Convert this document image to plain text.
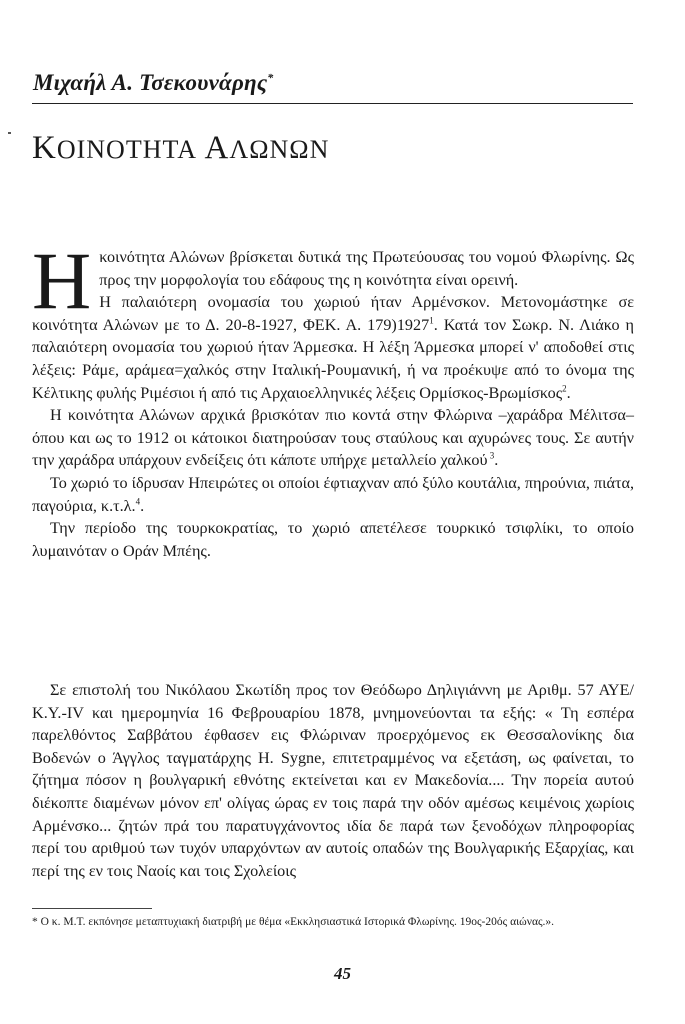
Μιχαήλ Α. Τσεκουνάρης*
ΚΟΙΝΟΤΗΤΑ ΑΛΩΝΩΝ

Ηκοινότητα Αλώνων βρίσκεται δυτικά της Πρωτεύουσας του νομού Φλωρίνης. Ως προς την μορφολογία του εδάφους της η κοινότητα είναι ορεινή.
Η παλαιότερη ονομασία του χωριού ήταν Αρμένσκον. Μετονομάστηκε σε κοινότητα Αλώνων με το Δ. 20-8-1927, ΦΕΚ. Α. 179)1927$^1$. Κατά τον Σωκρ. Ν. Λιάκο η παλαιότερη ονομασία του χωριού ήταν Άρμεσκα. Η λέξη Άρμεσκα μπορεί ν' αποδοθεί στις λέξεις: Ράμε, αράμεα=χαλκός στην Ιταλική-Ρουμανική, ή να προέκυψε από το όνομα της Κέλτικης φυλής Ριμέσιοι ή από τις Αρχαιοελληνικές λέξεις Ορμίσκος-Βρωμίσκος$^2$.

Η κοινότητα Αλώνων αρχικά βρισκόταν πιο κοντά στην Φλώρινα –χαράδρα Μέλιτσα– όπου και ως το 1912 οι κάτοικοι διατηρούσαν τους σταύλους και αχυρώνες τους. Σε αυτήν την χαράδρα υπάρχουν ενδείξεις ότι κάποτε υπήρχε μεταλλείο χαλκού $^3$.

Το χωριό το ίδρυσαν Ηπειρώτες οι οποίοι έφτιαχναν από ξύλο κουτάλια, πηρούνια, πιάτα, παγούρια, κ.τ.λ.$^4$.

Την περίοδο της τουρκοκρατίας, το χωριό απετέλεσε τουρκικό τσιφλίκι, το οποίο λυμαινόταν ο Οράν Μπέης.

Σε επιστολή του Νικόλαου Σκωτίδη προς τον Θεόδωρο Δηλιγιάννη με Αριθμ. 57 ΑΥΕ/Κ.Υ.-IV και ημερομηνία 16 Φεβρουαρίου 1878, μνημονεύονται τα εξής: « Τη εσπέρα παρελθόντος Σαββάτου έφθασεν εις Φλώριναν προερχόμενος εκ Θεσσαλονίκης δια Βοδενών ο Άγγλος ταγματάρχης Η. Sygne, επιτετραμμένος να εξετάση, ως φαίνεται, το ζήτημα πόσον η βουλγαρική εθνότης εκτείνεται και εν Μακεδονία.... Την πορεία αυτού διέκοπτε διαμένων μόνον επ' ολίγας ώρας εν τοις παρά την οδόν αμέσως κειμένοις χωρίοις Αρμένσκο... ζητών πρά του παρατυγχάνοντος ιδία δε παρά των ξενοδόχων πληροφορίας περί του αριθμού των τυχόν υπαρχόντων αν αυτοίς οπαδών της Βουλγαρικής Εξαρχίας, και περί της εν τοις Ναοίς και τοις Σχολείοις

* Ο κ. Μ.Τ. εκπόνησε μεταπτυχιακή διατριβή με θέμα «Εκκλησιαστικά Ιστορικά Φλωρίνης. 19ος-20ός αιώνας.».
45
